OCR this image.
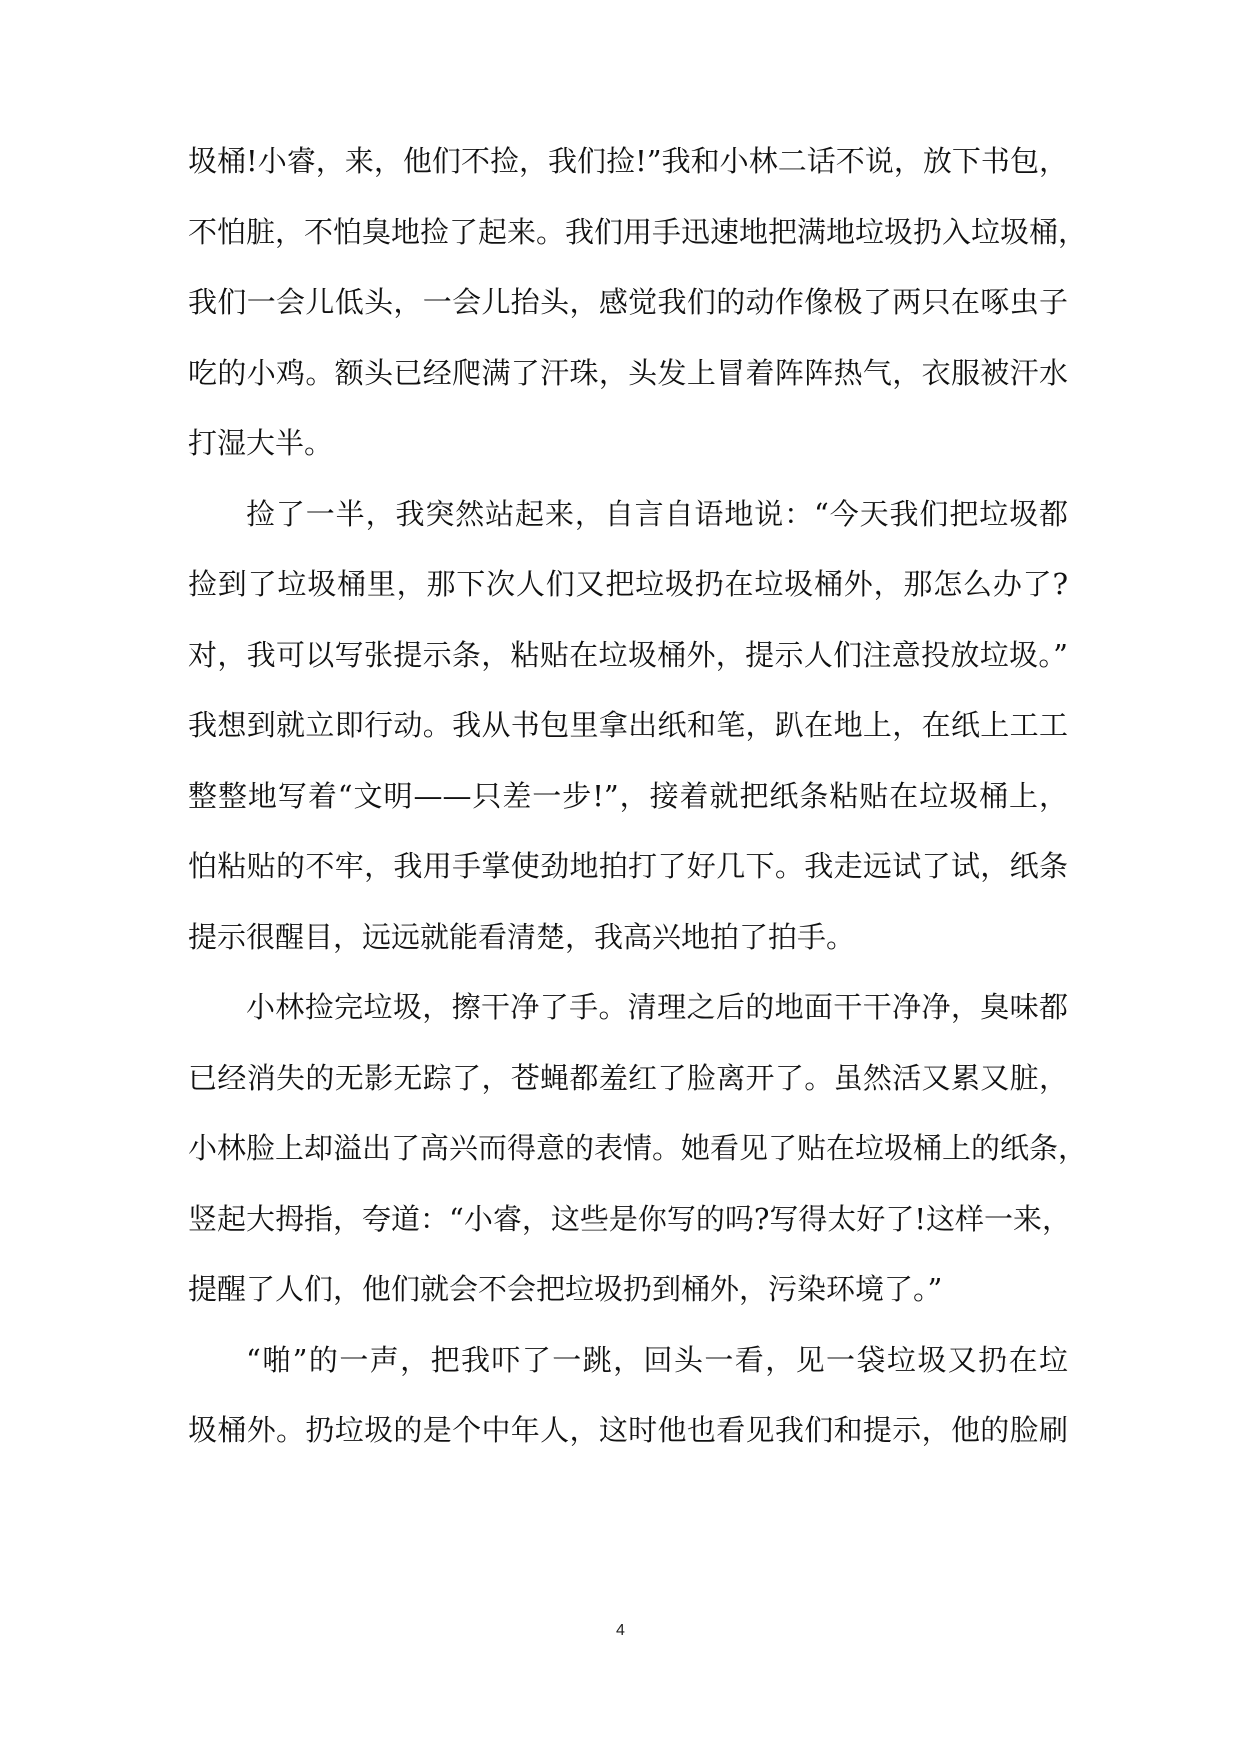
圾桶!小睿，来，他们不捡，我们捡!”我和小林二话不说，放下书包，
不怕脏，不怕臭地捡了起来。我们用手迅速地把满地垃圾扔入垃圾桶，
我们一会儿低头，一会儿抬头，感觉我们的动作像极了两只在啄虫子
吃的小鸡。额头已经爬满了汗珠，头发上冒着阵阵热气，衣服被汗水
打湿大半。
捡了一半，我突然站起来，自言自语地说：“今天我们把垃圾都
捡到了垃圾桶里，那下次人们又把垃圾扔在垃圾桶外，那怎么办了?
对，我可以写张提示条，粘贴在垃圾桶外，提示人们注意投放垃圾。”
我想到就立即行动。我从书包里拿出纸和笔，趴在地上，在纸上工工
整整地写着“文明——只差一步!”，接着就把纸条粘贴在垃圾桶上，
怕粘贴的不牢，我用手掌使劲地拍打了好几下。我走远试了试，纸条
提示很醒目，远远就能看清楚，我高兴地拍了拍手。
小林捡完垃圾，擦干净了手。清理之后的地面干干净净，臭味都
已经消失的无影无踪了，苍蝇都羞红了脸离开了。虽然活又累又脏，
小林脸上却溢出了高兴而得意的表情。她看见了贴在垃圾桶上的纸条，
竖起大拇指，夸道：“小睿，这些是你写的吗?写得太好了!这样一来，
提醒了人们，他们就会不会把垃圾扔到桶外，污染环境了。”
“啪”的一声，把我吓了一跳，回头一看，见一袋垃圾又扔在垃
圾桶外。扔垃圾的是个中年人，这时他也看见我们和提示，他的脸刷
4
